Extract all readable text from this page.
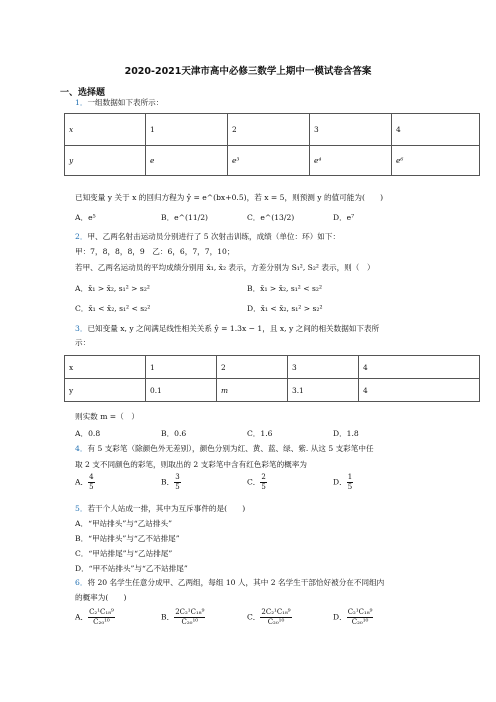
2020-2021天津市高中必修三数学上期中一模试卷含答案
一、选择题
1．一组数据如下表所示：
x	1	2	3	4
y	e	e³	e⁴	e⁶
已知变量 y 关于 x 的回归方程为 ŷ = e^(bx+0.5)，若 x = 5，则预测 y 的值可能为(　　)
A．e⁵	B．e^(11/2)	C．e^(13/2)	D．e⁷
2．甲、乙两名射击运动员分别进行了 5 次射击训练，成绩（单位：环）如下：
甲：7，8，8，8，9　乙：6，6，7，7，10；
若甲、乙两名运动员的平均成绩分别用 x̄₁, x̄₂ 表示，方差分别为 S₁², S₂² 表示，则（　）
A．x̄₁ > x̄₂, s₁² > s₂²	B．x̄₁ > x̄₂, s₁² < s₂²
C．x̄₁ < x̄₂, s₁² < s₂²	D．x̄₁ < x̄₂, s₁² > s₂²
3．已知变量 x, y 之间满足线性相关关系 ŷ = 1.3x − 1，且 x, y 之间的相关数据如下表所
示：
x	1	2	3	4
y	0.1	m	3.1	4
则实数 m =（　）
A．0.8	B．0.6	C．1.6	D．1.8
4．有 5 支彩笔（除颜色外无差别），颜色分别为红、黄、蓝、绿、紫. 从这 5 支彩笔中任
取 2 支不同颜色的彩笔，则取出的 2 支彩笔中含有红色彩笔的概率为
A． $\frac{4}{5}$	B． $\frac{3}{5}$	C． $\frac{2}{5}$	D． $\frac{1}{5}$
5．若干个人站成一排，其中为互斥事件的是(　　)
A．“甲站排头”与“乙站排头”
B．“甲站排头”与“乙不站排尾”
C．“甲站排尾”与“乙站排尾”
D．“甲不站排头”与“乙不站排尾”
6．将 20 名学生任意分成甲、乙两组，每组 10 人，其中 2 名学生干部恰好被分在不同组内
的概率为(　　)
A． $\frac{\text{C₂¹C₁₈⁹}}{\text{C₂₀¹⁰}}$	B． $\frac{\text{2C₂¹C₁₈⁹}}{\text{C₂₀¹⁰}}$	C． $\frac{\text{2C₂¹C₁₈⁹}}{\text{C₂₀¹⁰}}$	D． $\frac{\text{C₂¹C₁₈⁹}}{\text{C₂₀¹⁰}}$
